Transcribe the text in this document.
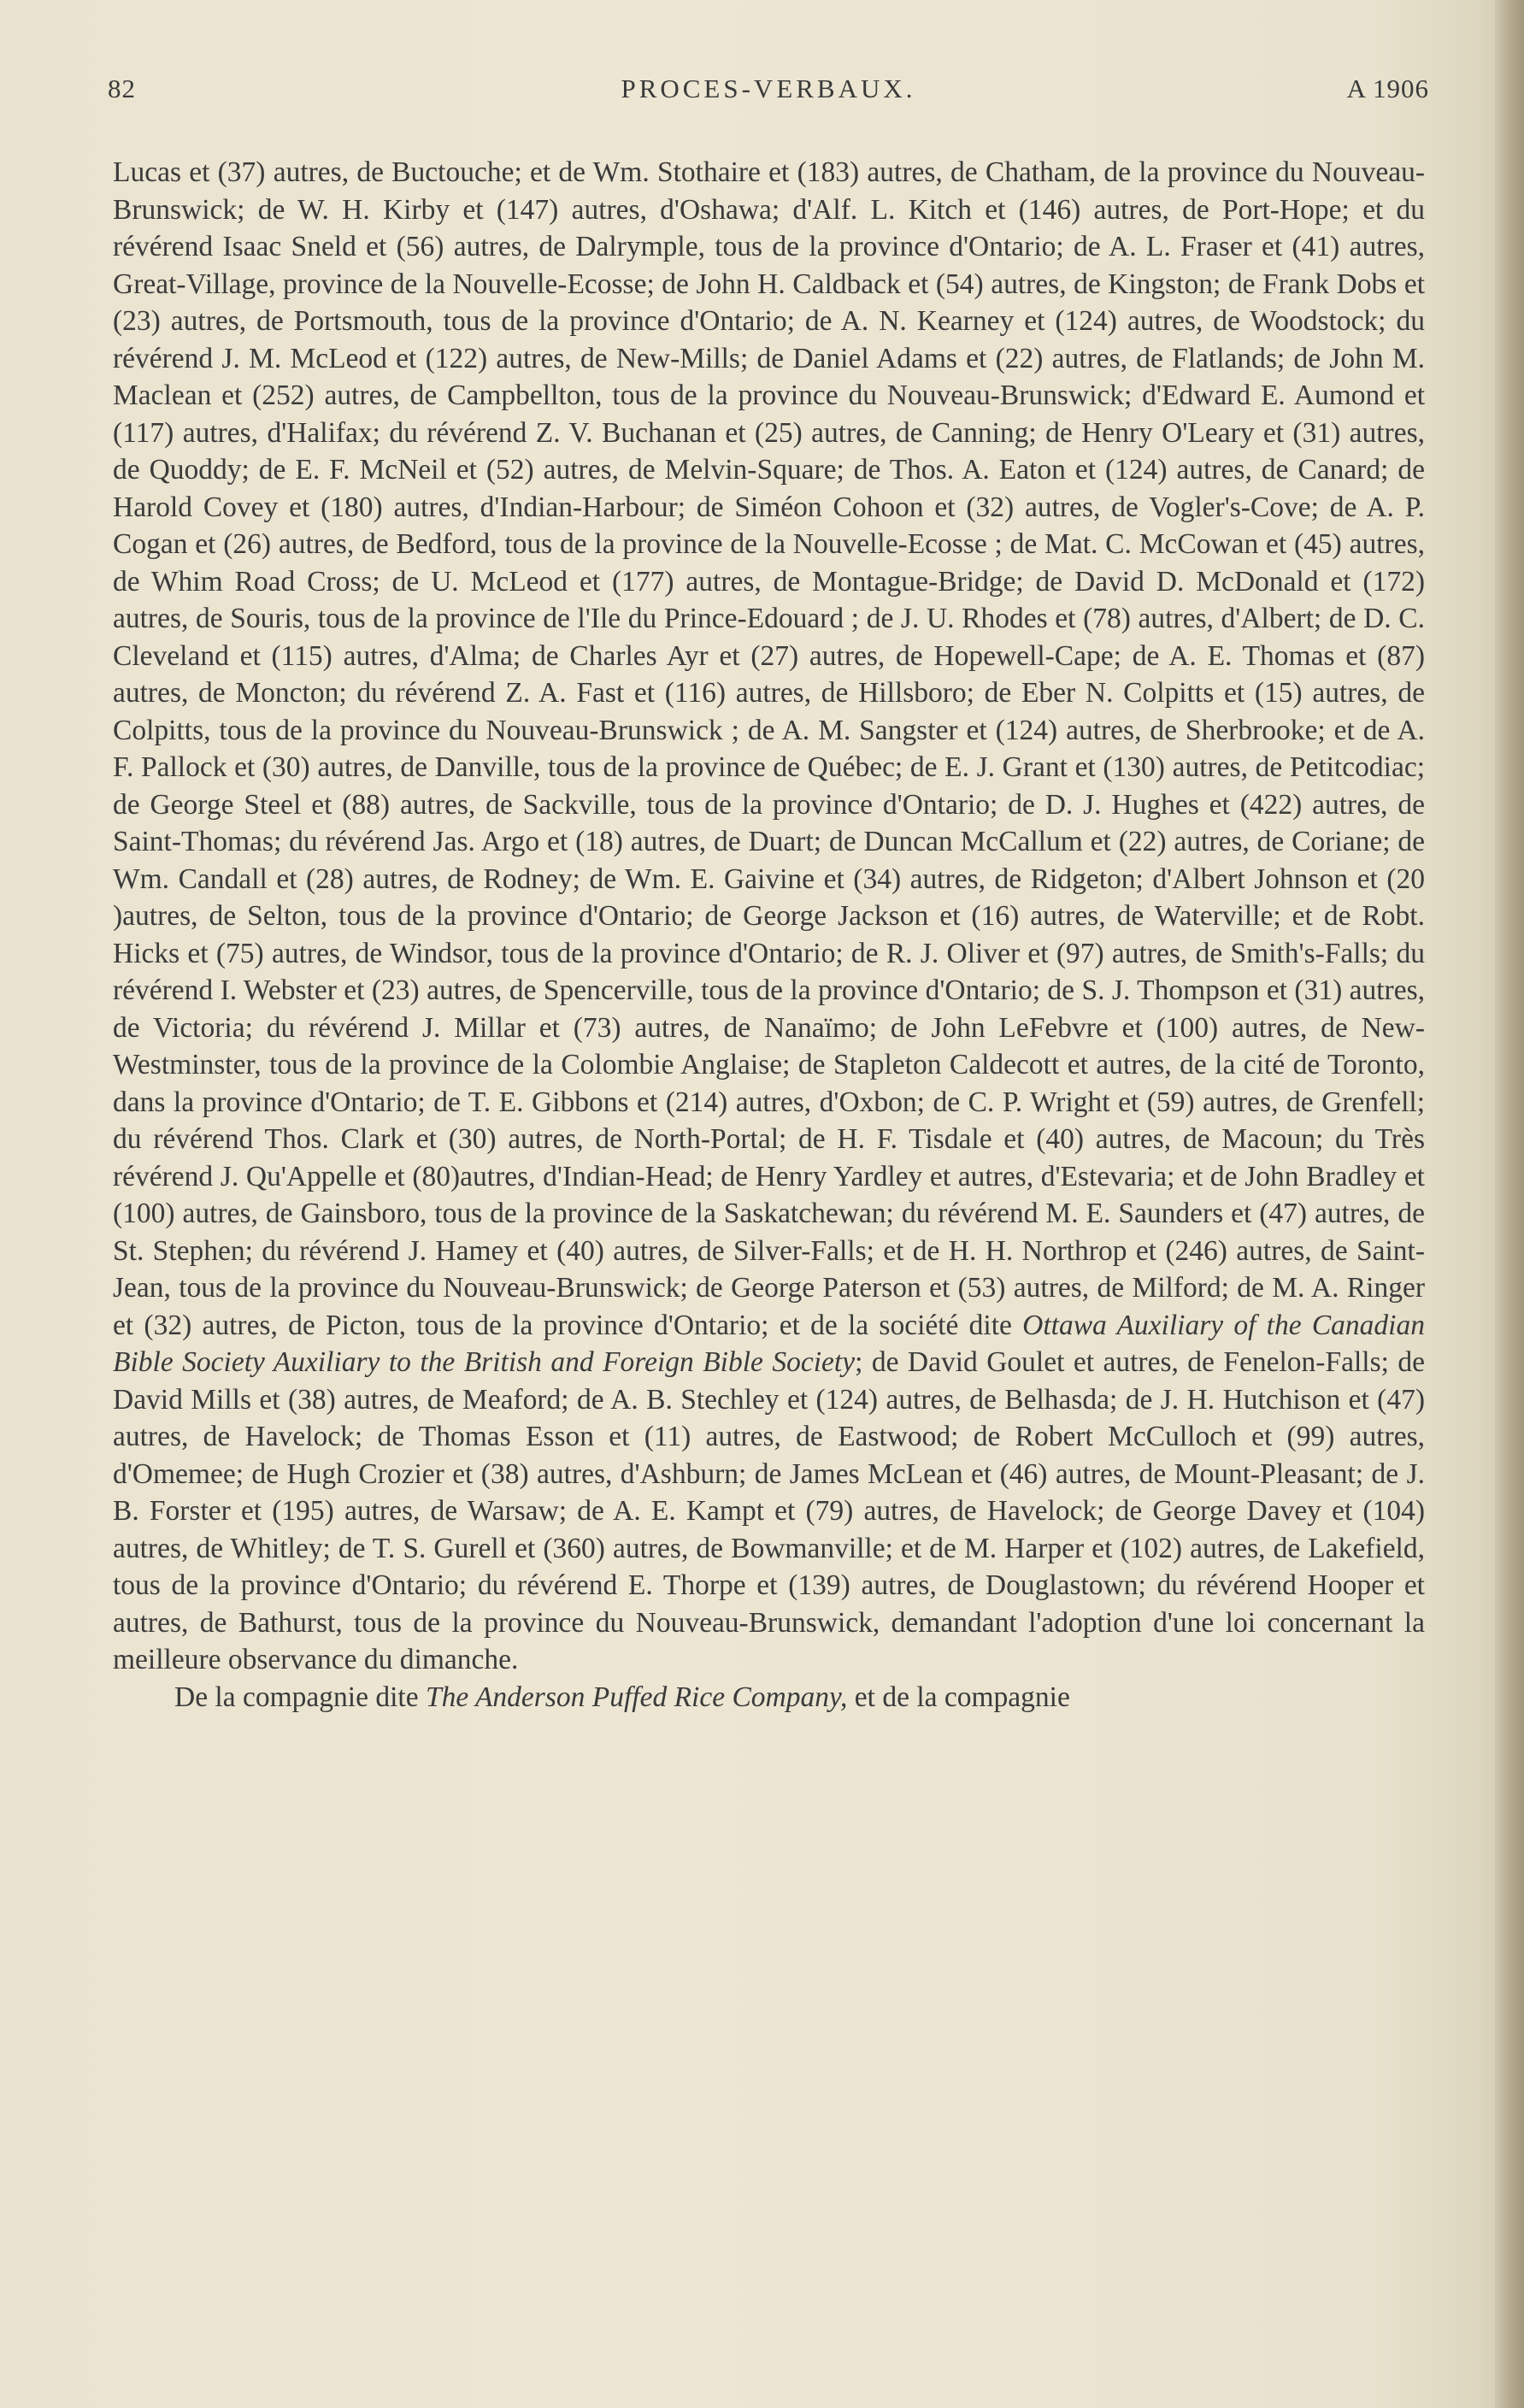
82	PROCES-VERBAUX.	A 1906

Lucas et (37) autres, de Buctouche; et de Wm. Stothaire et (183) autres, de Chatham, de la province du Nouveau-Brunswick; de W. H. Kirby et (147) autres, d'Oshawa; d'Alf. L. Kitch et (146) autres, de Port-Hope; et du révérend Isaac Sneld et (56) autres, de Dalrymple, tous de la province d'Ontario; de A. L. Fraser et (41) autres, Great-Village, province de la Nouvelle-Ecosse; de John H. Caldback et (54) autres, de Kingston; de Frank Dobs et (23) autres, de Portsmouth, tous de la province d'Ontario; de A. N. Kearney et (124) autres, de Woodstock; du révérend J. M. McLeod et (122) autres, de New-Mills; de Daniel Adams et (22) autres, de Flatlands; de John M. Maclean et (252) autres, de Campbellton, tous de la province du Nouveau-Brunswick; d'Edward E. Aumond et (117) autres, d'Halifax; du révérend Z. V. Buchanan et (25) autres, de Canning; de Henry O'Leary et (31) autres, de Quoddy; de E. F. McNeil et (52) autres, de Melvin-Square; de Thos. A. Eaton et (124) autres, de Canard; de Harold Covey et (180) autres, d'Indian-Harbour; de Siméon Cohoon et (32) autres, de Vogler's-Cove; de A. P. Cogan et (26) autres, de Bedford, tous de la province de la Nouvelle-Ecosse ; de Mat. C. McCowan et (45) autres, de Whim Road Cross; de U. McLeod et (177) autres, de Montague-Bridge; de David D. McDonald et (172) autres, de Souris, tous de la province de l'Ile du Prince-Edouard ; de J. U. Rhodes et (78) autres, d'Albert; de D. C. Cleveland et (115) autres, d'Alma; de Charles Ayr et (27) autres, de Hopewell-Cape; de A. E. Thomas et (87) autres, de Moncton; du révérend Z. A. Fast et (116) autres, de Hillsboro; de Eber N. Colpitts et (15) autres, de Colpitts, tous de la province du Nouveau-Brunswick ; de A. M. Sangster et (124) autres, de Sherbrooke; et de A. F. Pallock et (30) autres, de Danville, tous de la province de Québec; de E. J. Grant et (130) autres, de Petitcodiac; de George Steel et (88) autres, de Sackville, tous de la province d'Ontario; de D. J. Hughes et (422) autres, de Saint-Thomas; du révérend Jas. Argo et (18) autres, de Duart; de Duncan McCallum et (22) autres, de Coriane; de Wm. Candall et (28) autres, de Rodney; de Wm. E. Gaivine et (34) autres, de Ridgeton; d'Albert Johnson et (20 )autres, de Selton, tous de la province d'Ontario; de George Jackson et (16) autres, de Waterville; et de Robt. Hicks et (75) autres, de Windsor, tous de la province d'Ontario; de R. J. Oliver et (97) autres, de Smith's-Falls; du révérend I. Webster et (23) autres, de Spencerville, tous de la province d'Ontario; de S. J. Thompson et (31) autres, de Victoria; du révérend J. Millar et (73) autres, de Nanaïmo; de John LeFebvre et (100) autres, de New-Westminster, tous de la province de la Colombie Anglaise; de Stapleton Caldecott et autres, de la cité de Toronto, dans la province d'Ontario; de T. E. Gibbons et (214) autres, d'Oxbon; de C. P. Wright et (59) autres, de Grenfell; du révérend Thos. Clark et (30) autres, de North-Portal; de H. F. Tisdale et (40) autres, de Macoun; du Très révérend J. Qu'Appelle et (80)autres, d'Indian-Head; de Henry Yardley et autres, d'Estevaria; et de John Bradley et (100) autres, de Gainsboro, tous de la province de la Saskatchewan; du révérend M. E. Saunders et (47) autres, de St. Stephen; du révérend J. Hamey et (40) autres, de Silver-Falls; et de H. H. Northrop et (246) autres, de Saint-Jean, tous de la province du Nouveau-Brunswick; de George Paterson et (53) autres, de Milford; de M. A. Ringer et (32) autres, de Picton, tous de la province d'Ontario; et de la société dite Ottawa Auxiliary of the Canadian Bible Society Auxiliary to the British and Foreign Bible Society; de David Goulet et autres, de Fenelon-Falls; de David Mills et (38) autres, de Meaford; de A. B. Stechley et (124) autres, de Belhasda; de J. H. Hutchison et (47) autres, de Havelock; de Thomas Esson et (11) autres, de Eastwood; de Robert McCulloch et (99) autres, d'Omemee; de Hugh Crozier et (38) autres, d'Ashburn; de James McLean et (46) autres, de Mount-Pleasant; de J. B. Forster et (195) autres, de Warsaw; de A. E. Kampt et (79) autres, de Havelock; de George Davey et (104) autres, de Whitley; de T. S. Gurell et (360) autres, de Bowmanville; et de M. Harper et (102) autres, de Lakefield, tous de la province d'Ontario; du révérend E. Thorpe et (139) autres, de Douglastown; du révérend Hooper et autres, de Bathurst, tous de la province du Nouveau-Brunswick, demandant l'adoption d'une loi concernant la meilleure observance du dimanche.

De la compagnie dite The Anderson Puffed Rice Company, et de la compagnie
